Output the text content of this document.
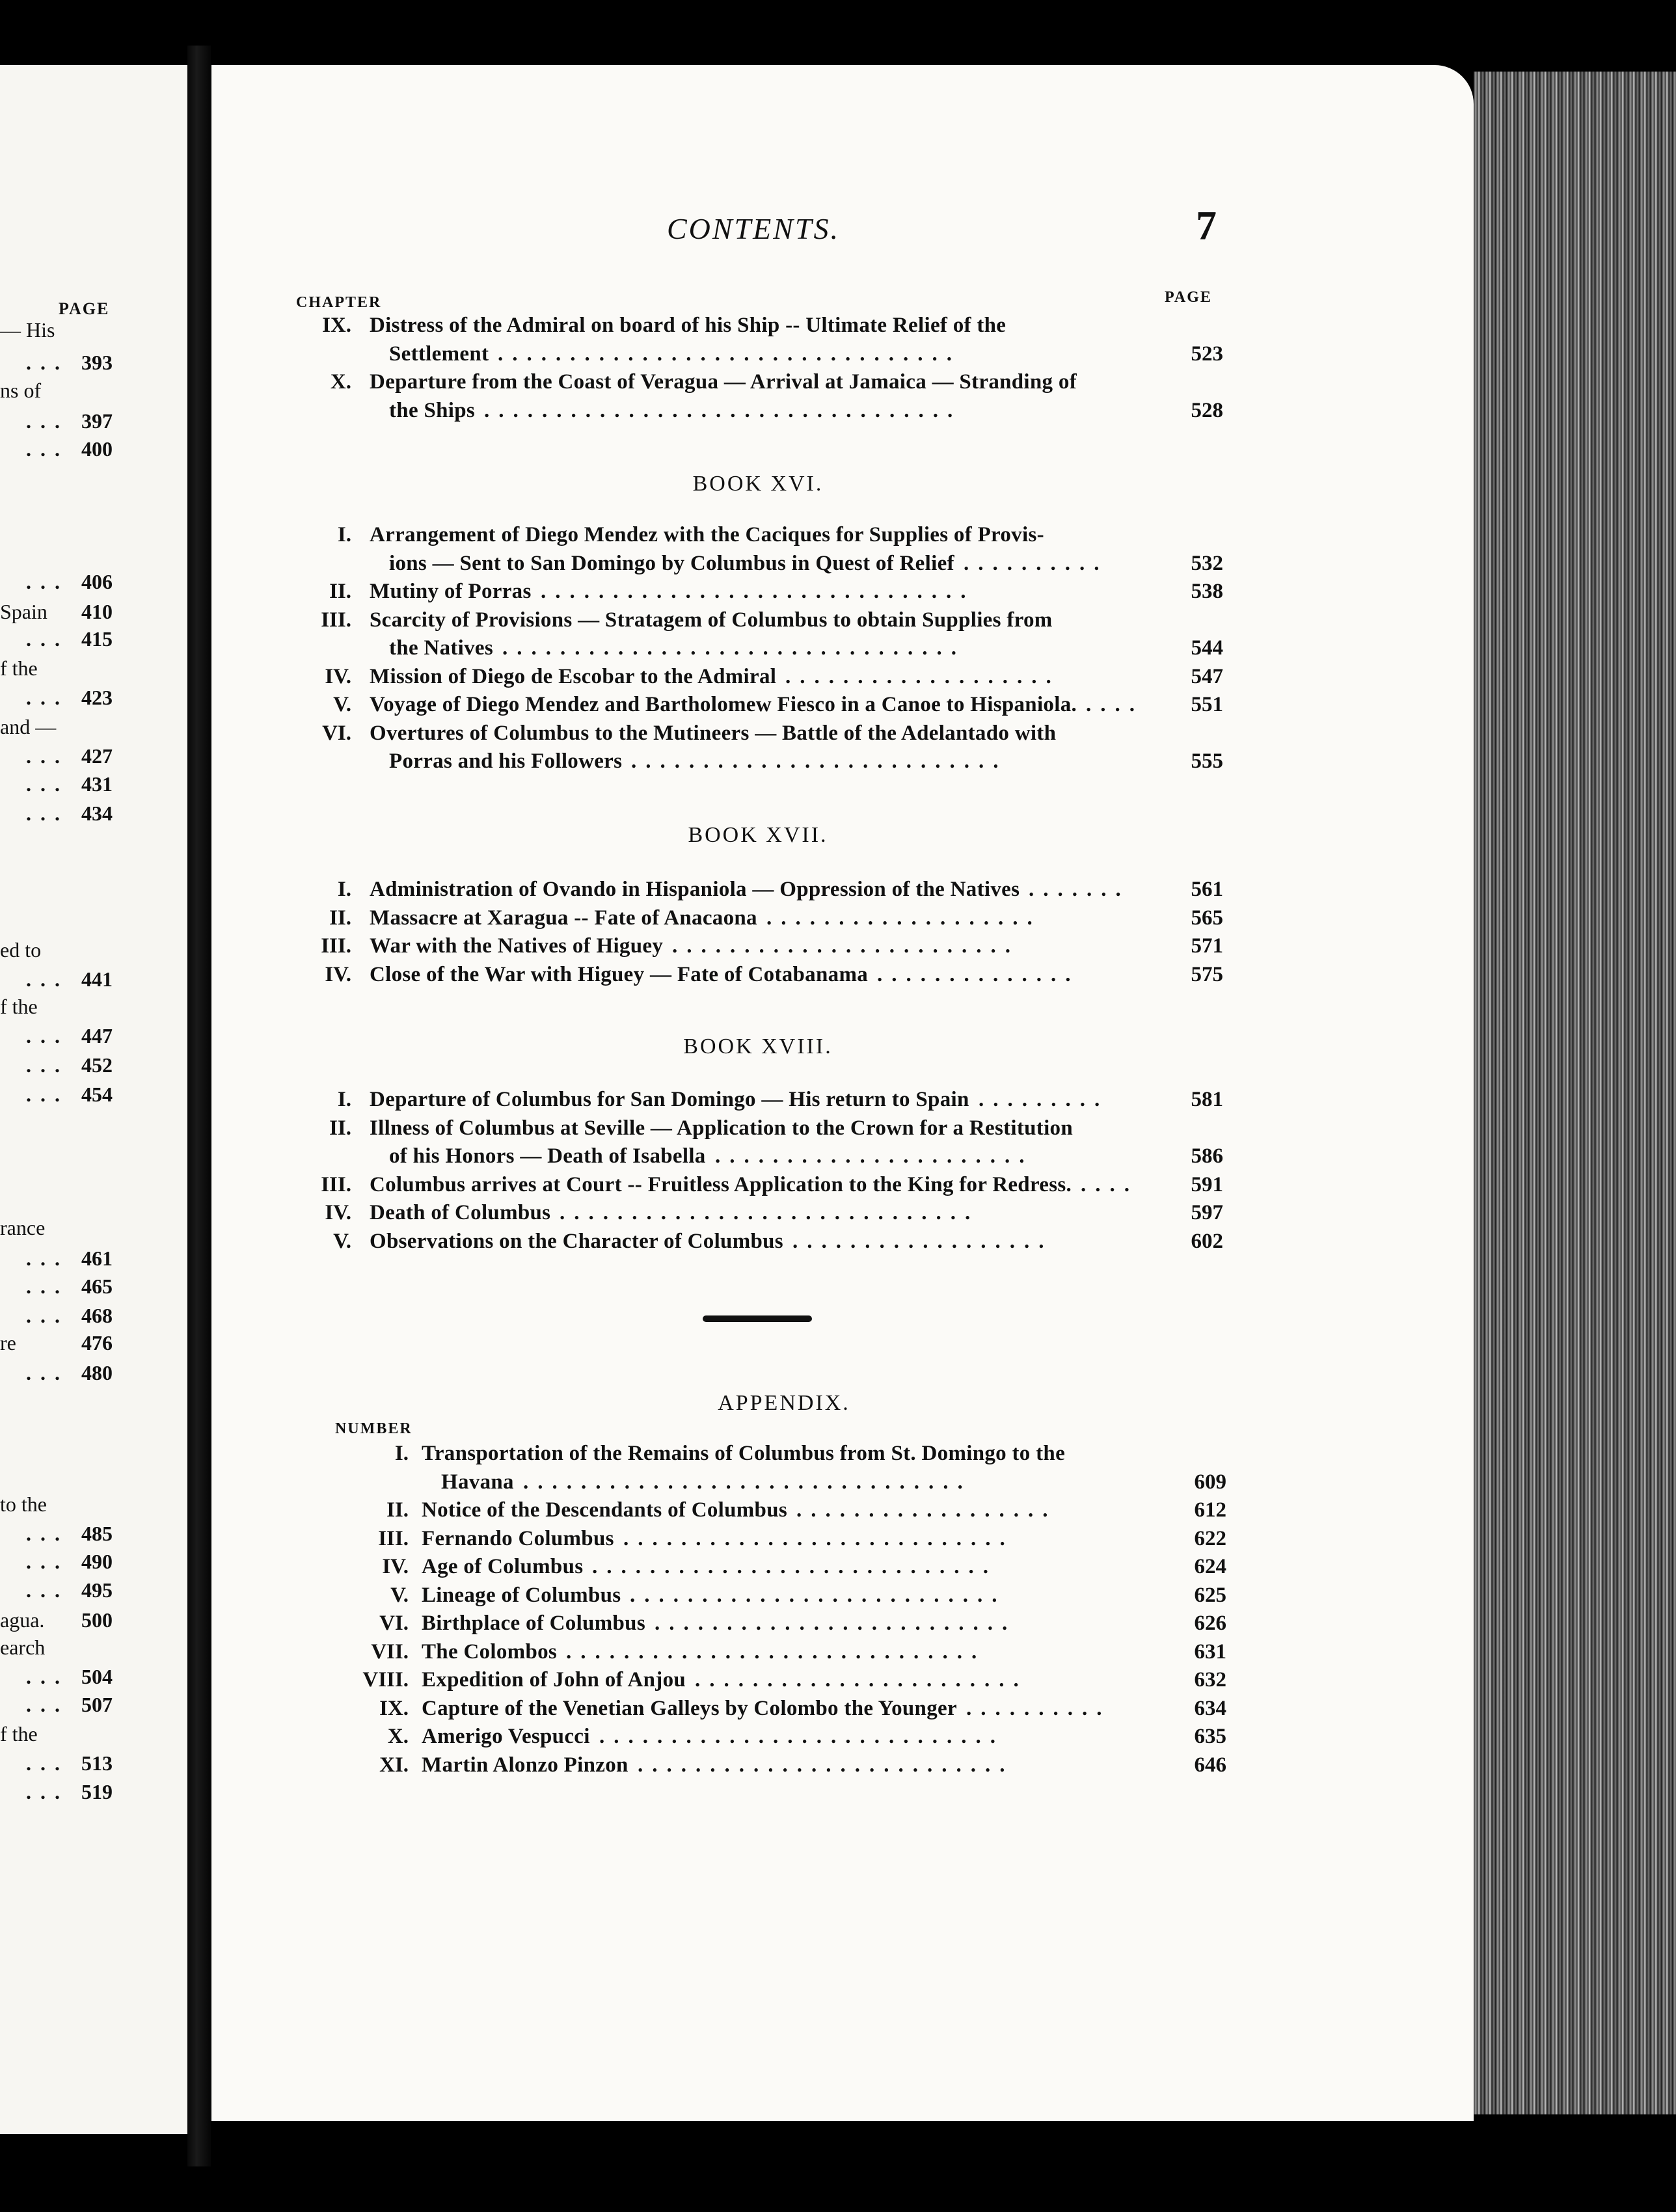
PAGE
— His
... 393
ns of
... 397
... 400
... 406
Spain 410
... 415
f the
... 423
and —
... 427
... 431
... 434
ed to
... 441
f the
... 447
... 452
... 454
rance
... 461
... 465
... 468
re	476
... 480
to the
... 485
... 490
... 495
agua. 500
earch
... 504
... 507
f the
... 513
... 519
CONTENTS.	7
CHAPTER	PAGE
NUMBER
IX. Distress of the Admiral on board of his Ship -- Ultimate Relief of the
Settlement ................................	523
X. Departure from the Coast of Veragua — Arrival at Jamaica — Stranding of
the Ships .................................	528
BOOK XVI.
I. Arrangement of Diego Mendez with the Caciques for Supplies of Provis-
ions — Sent to San Domingo by Columbus in Quest of Relief ..........	532
II. Mutiny of Porras ..............................	538
III. Scarcity of Provisions — Stratagem of Columbus to obtain Supplies from
the Natives ................................	544
IV. Mission of Diego de Escobar to the Admiral ...................	547
V. Voyage of Diego Mendez and Bartholomew Fiesco in a Canoe to Hispaniola. .... 551
VI. Overtures of Columbus to the Mutineers — Battle of the Adelantado with
Porras and his Followers ..........................	555
BOOK XVII.
I. Administration of Ovando in Hispaniola — Oppression of the Natives .......	561
II. Massacre at Xaragua -- Fate of Anacaona ...................	565
III. War with the Natives of Higuey ........................	571
IV. Close of the War with Higuey — Fate of Cotabanama ..............	575
BOOK XVIII.
I. Departure of Columbus for San Domingo — His return to Spain .........	581
II. Illness of Columbus at Seville — Application to the Crown for a Restitution
of his Honors — Death of Isabella ......................	586
III. Columbus arrives at Court -- Fruitless Application to the King for Redress. .... 591
IV. Death of Columbus .............................	597
V. Observations on the Character of Columbus ..................	602
APPENDIX.
I. Transportation of the Remains of Columbus from St. Domingo to the
Havana ...............................	609
II. Notice of the Descendants of Columbus ..................	612
III. Fernando Columbus ...........................	622
IV. Age of Columbus ............................	624
V. Lineage of Columbus ..........................	625
VI. Birthplace of Columbus .........................	626
VII. The Colombos .............................	631
VIII. Expedition of John of Anjou .......................	632
IX. Capture of the Venetian Galleys by Colombo the Younger ..........	634
X. Amerigo Vespucci ............................	635
XI. Martin Alonzo Pinzon ..........................	646
